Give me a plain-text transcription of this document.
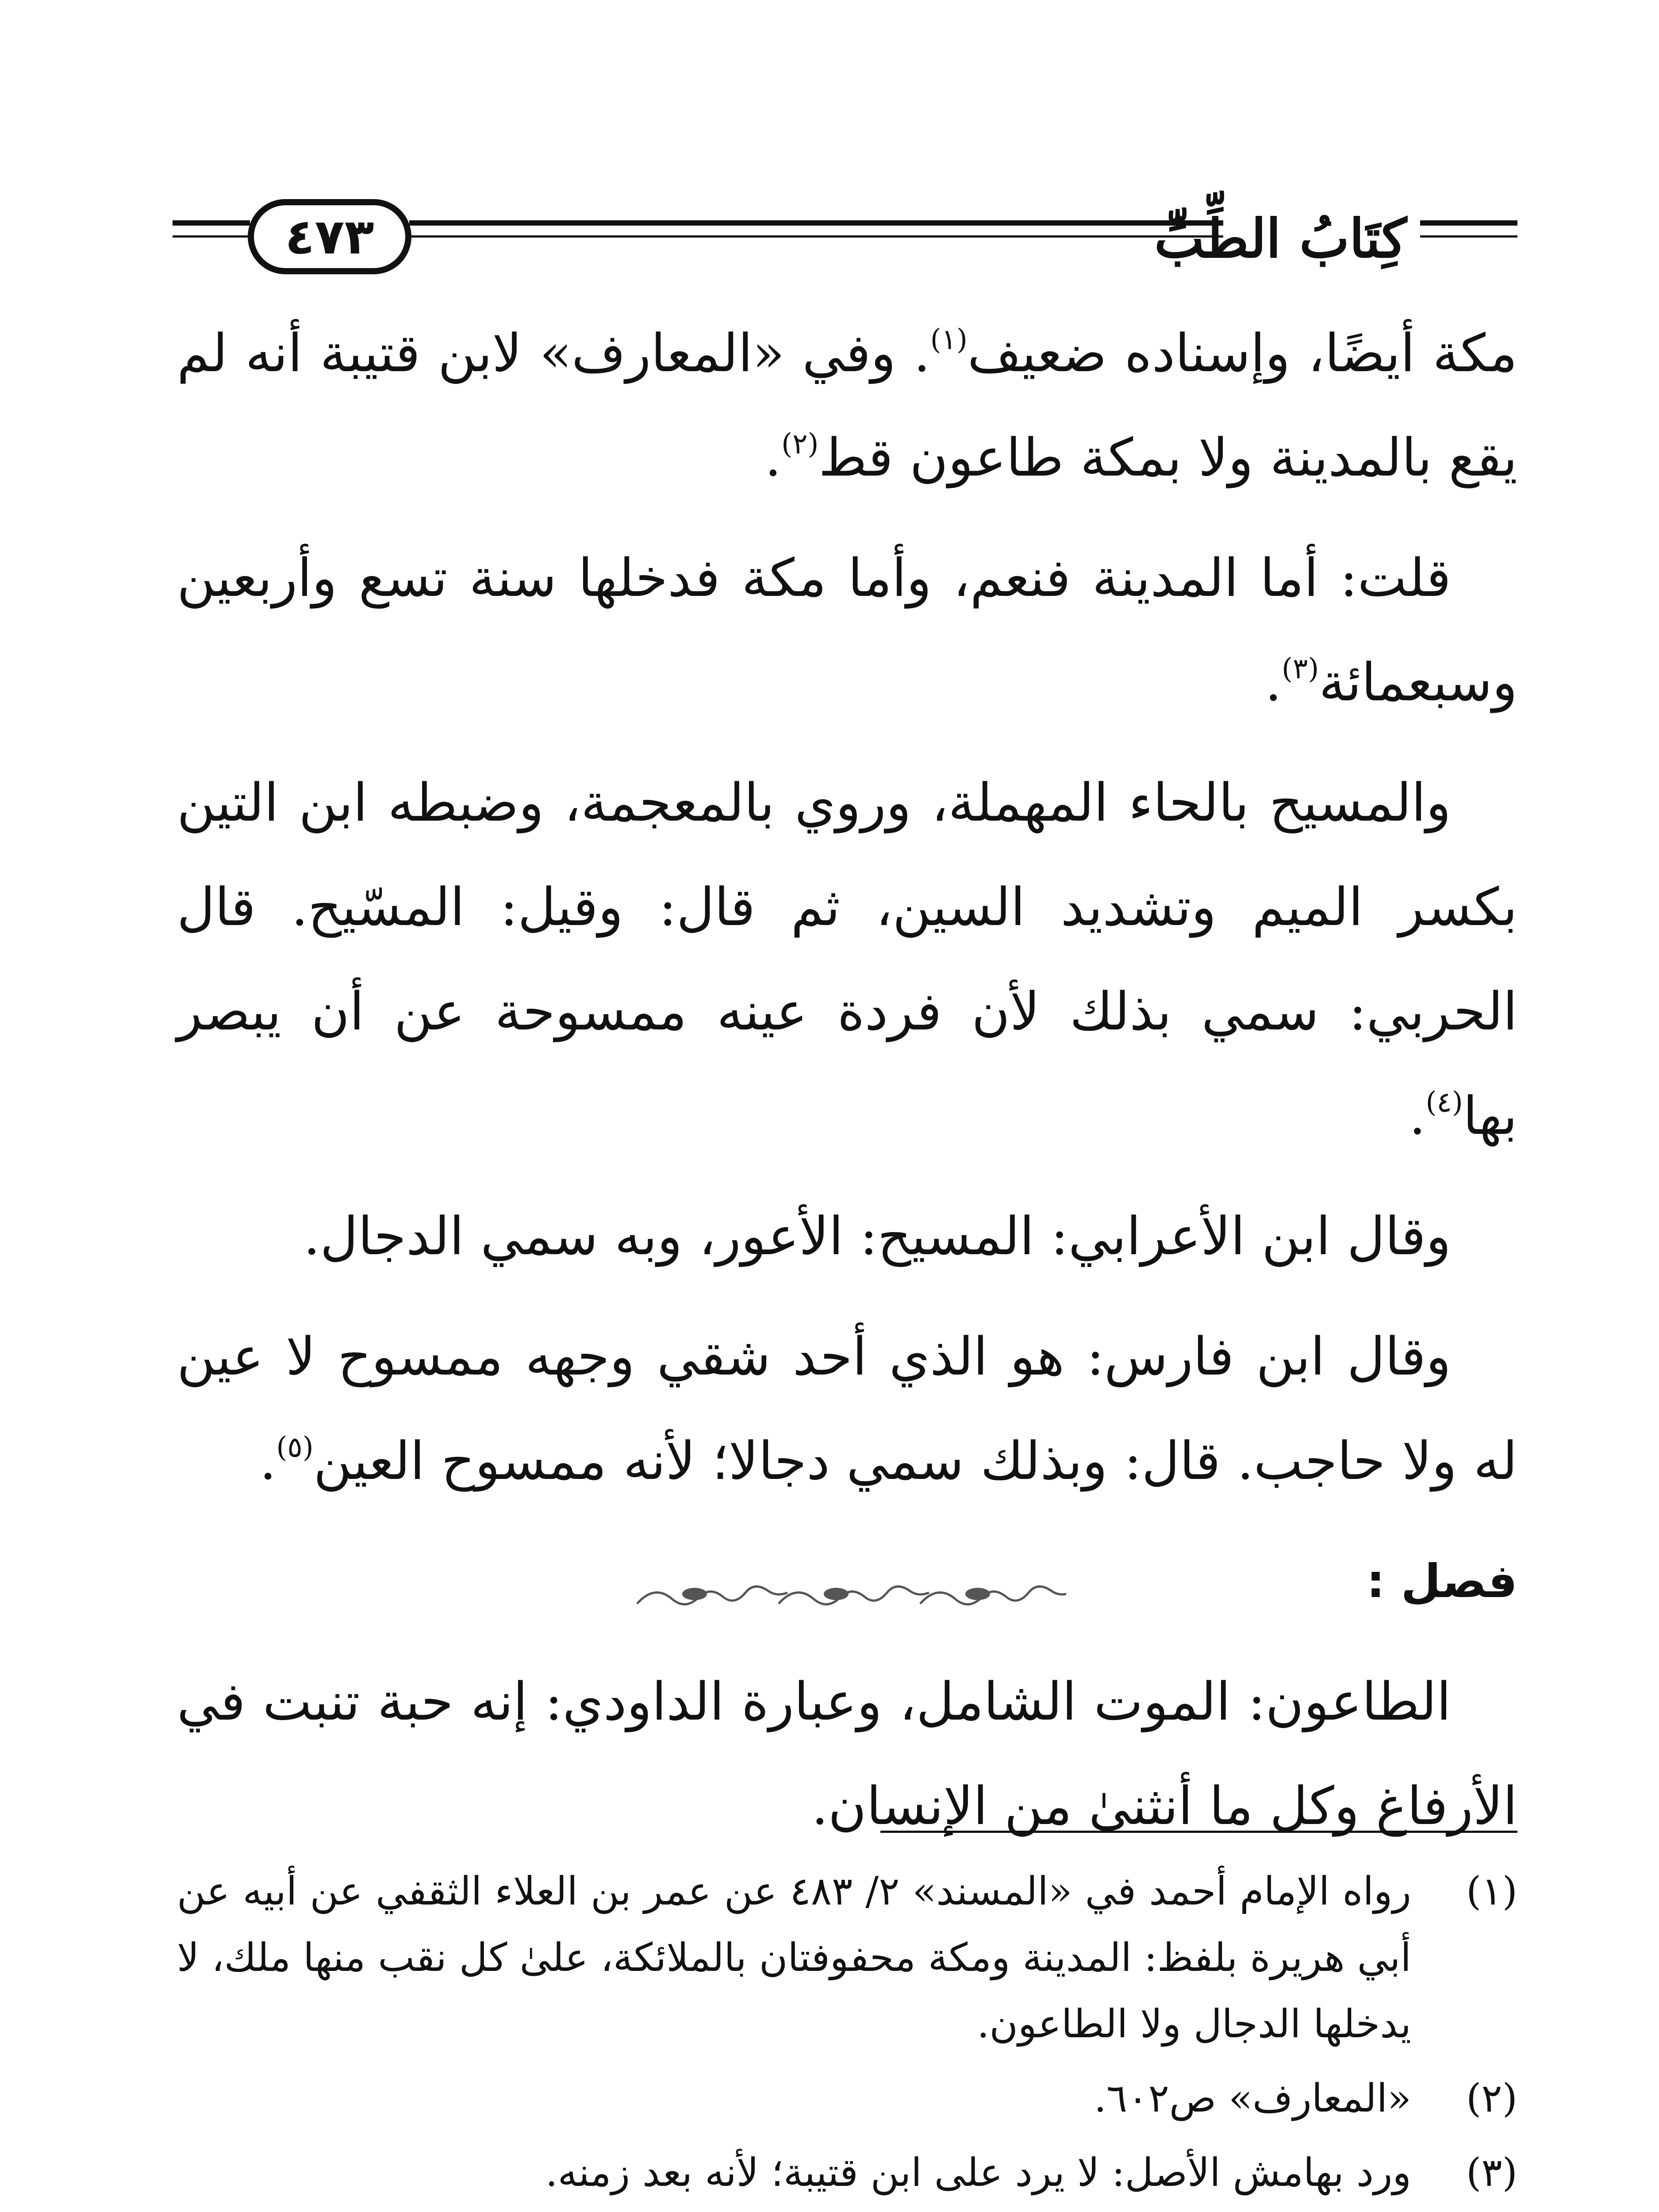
٤٧٣	كِتَابُ الطِّبِّ

مكة أيضًا، وإسناده ضعيف$^{(١)}$. وفي «المعارف» لابن قتيبة أنه لم يقع بالمدينة ولا بمكة طاعون قط$^{(٢)}$.

قلت: أما المدينة فنعم، وأما مكة فدخلها سنة تسع وأربعين وسبعمائة$^{(٣)}$.

والمسيح بالحاء المهملة، وروي بالمعجمة، وضبطه ابن التين بكسر الميم وتشديد السين، ثم قال: وقيل: المسّيح. قال الحربي: سمي بذلك لأن فردة عينه ممسوحة عن أن يبصر بها$^{(٤)}$.

وقال ابن الأعرابي: المسيح: الأعور، وبه سمي الدجال.

وقال ابن فارس: هو الذي أحد شقي وجهه ممسوح لا عين له ولا حاجب. قال: وبذلك سمي دجالا؛ لأنه ممسوح العين$^{(٥)}$.

فصل :

الطاعون: الموت الشامل، وعبارة الداودي: إنه حبة تنبت في الأرفاغ وكل ما أنثنىٰ من الإنسان.

(١)
رواه الإمام أحمد في «المسند» ٢/ ٤٨٣ عن عمر بن العلاء الثقفي عن أبيه عن أبي هريرة بلفظ: المدينة ومكة محفوفتان بالملائكة، علىٰ كل نقب منها ملك، لا يدخلها الدجال ولا الطاعون.
(٢)
«المعارف» ص٦٠٢.
(٣)
ورد بهامش الأصل: لا يرد على ابن قتيبة؛ لأنه بعد زمنه.
